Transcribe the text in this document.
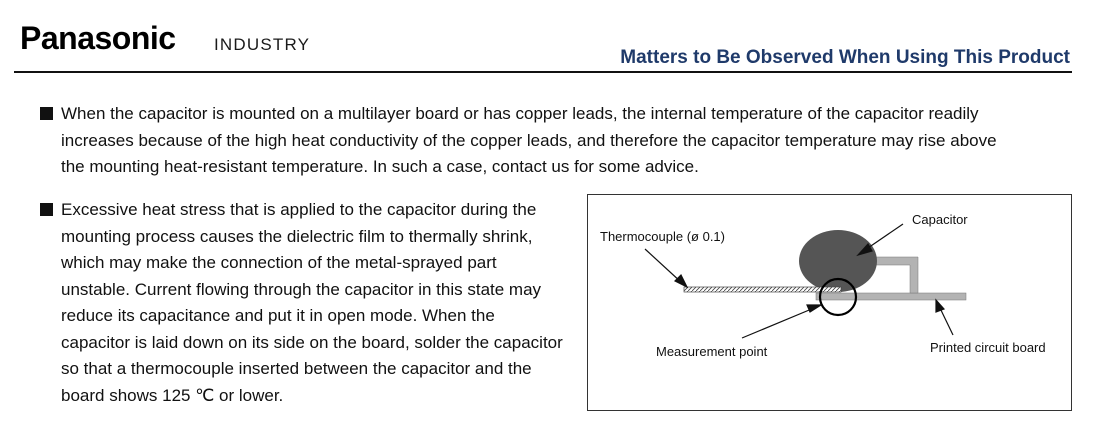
Panasonic INDUSTRY
Matters to Be Observed When Using This Product
When the capacitor is mounted on a multilayer board or has copper leads, the internal temperature of the capacitor readily increases because of the high heat conductivity of the copper leads, and therefore the capacitor temperature may rise above the mounting heat-resistant temperature. In such a case, contact us for some advice.
Excessive heat stress that is applied to the capacitor during the mounting process causes the dielectric film to thermally shrink, which may make the connection of the metal-sprayed part unstable. Current flowing through the capacitor in this state may reduce its capacitance and put it in open mode. When the capacitor is laid down on its side on the board, solder the capacitor so that a thermocouple inserted between the capacitor and the board shows 125 ℃ or lower.
Capacitor
Thermocouple (ø 0.1)
Measurement point	Printed circuit board
